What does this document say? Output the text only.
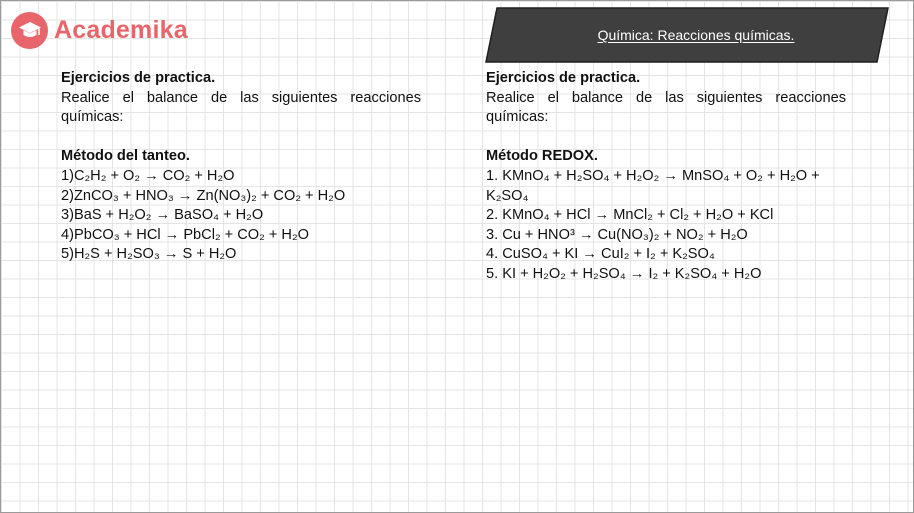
Academika	Química: Reacciones químicas.
Ejercicios de practica.
Realice el balance de las siguientes reacciones químicas:
Método del tanteo.
1)C₂H₂ + O₂ → CO₂ + H₂O
2)ZnCO₃ + HNO₃ → Zn(NO₃)₂ + CO₂ + H₂O
3)BaS + H₂O₂ → BaSO₄ + H₂O
4)PbCO₃ + HCl → PbCl₂ + CO₂ + H₂O
5)H₂S + H₂SO₃ → S + H₂O
Ejercicios de practica.
Realice el balance de las siguientes reacciones químicas:
Método REDOX.
1. KMnO₄ + H₂SO₄ + H₂O₂ → MnSO₄ + O₂ + H₂O + K₂SO₄
2. KMnO₄ + HCl → MnCl₂ + Cl₂ + H₂O + KCl
3. Cu + HNO³ → Cu(NO₃)₂ + NO₂ + H₂O
4. CuSO₄ + KI → CuI₂ + I₂ + K₂SO₄
5. KI + H₂O₂ + H₂SO₄ → I₂ + K₂SO₄ + H₂O
